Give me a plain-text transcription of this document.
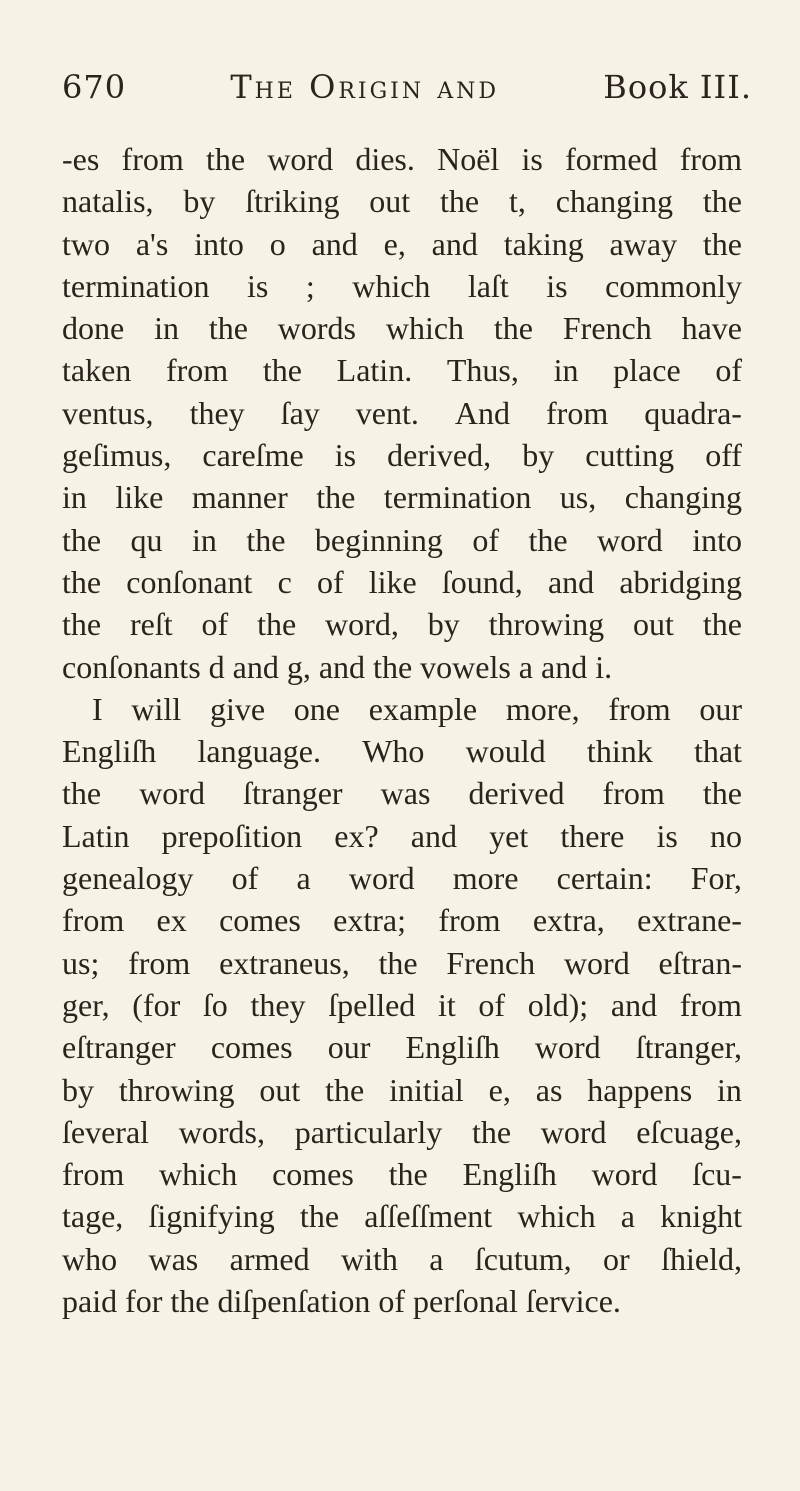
670	The Origin and	Book III.
-es from the word dies. Noël is formed from
natalis, by ſtriking out the t, changing the
two a's into o and e, and taking away the
termination is ; which laſt is commonly
done in the words which the French have
taken from the Latin. Thus, in place of
ventus, they ſay vent. And from quadra-
geſimus, careſme is derived, by cutting off
in like manner the termination us, changing
the qu in the beginning of the word into
the conſonant c of like ſound, and abridging
the reſt of the word, by throwing out the
conſonants d and g, and the vowels a and i.
I will give one example more, from our
Engliſh language. Who would think that
the word ſtranger was derived from the
Latin prepoſition ex? and yet there is no
genealogy of a word more certain: For,
from ex comes extra; from extra, extrane-
us; from extraneus, the French word eſtran-
ger, (for ſo they ſpelled it of old); and from
eſtranger comes our Engliſh word ſtranger,
by throwing out the initial e, as happens in
ſeveral words, particularly the word eſcuage,
from which comes the Engliſh word ſcu-
tage, ſignifying the aſſeſſment which a knight
who was armed with a ſcutum, or ſhield,
paid for the diſpenſation of perſonal ſervice.
